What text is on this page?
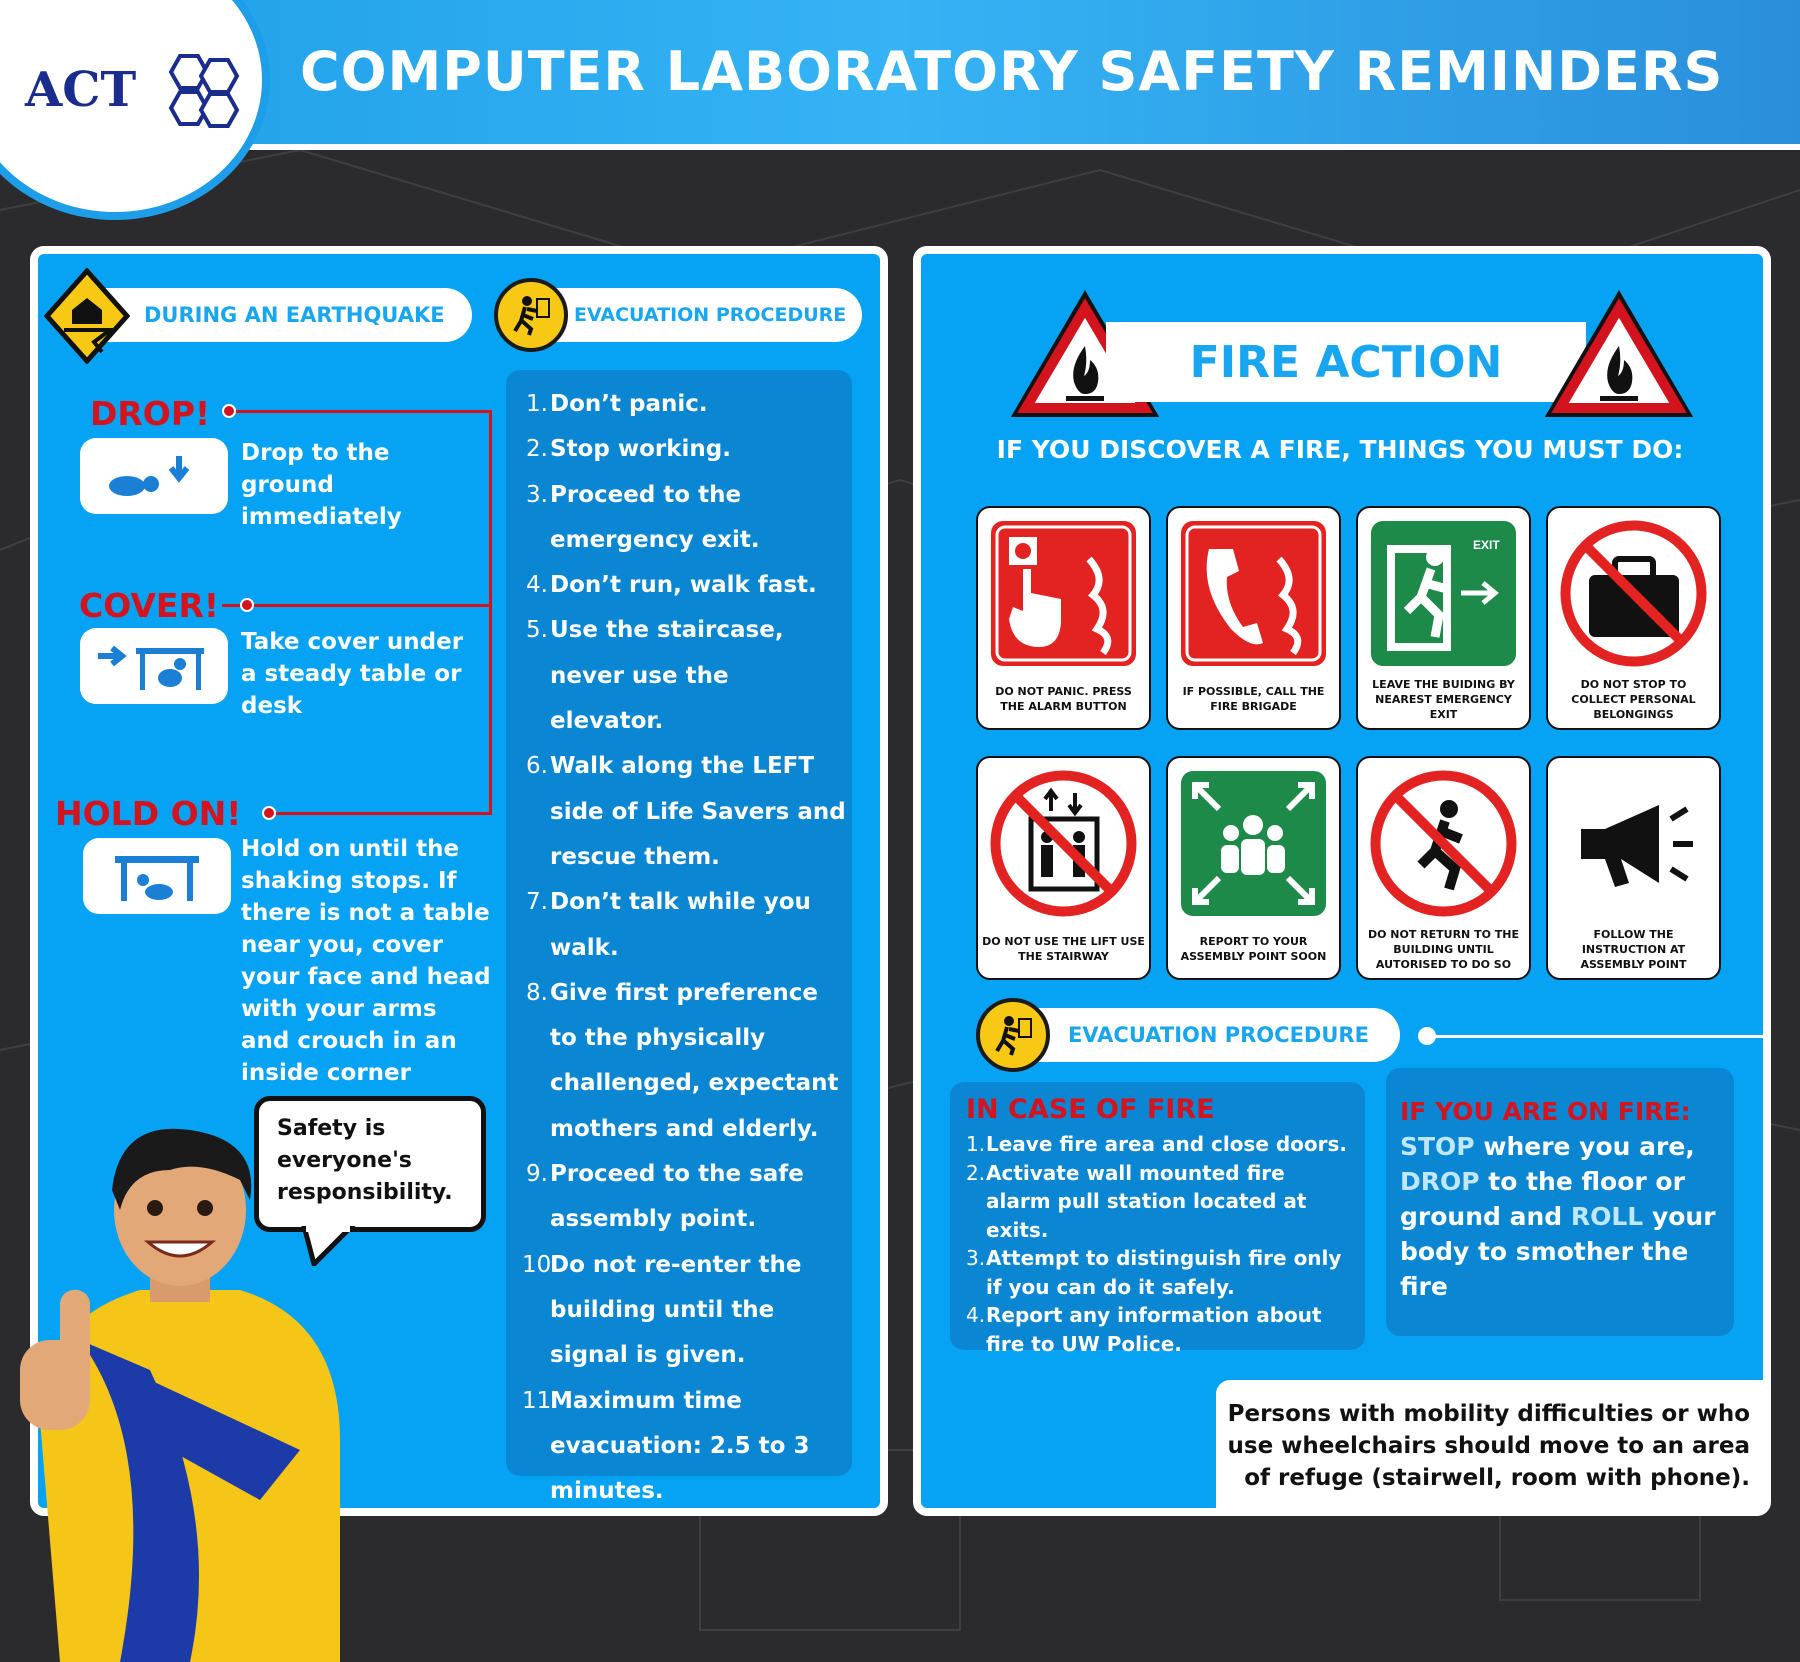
ACT	COMPUTER LABORATORY SAFETY REMINDERS
DURING AN EARTHQUAKE	EVACUATION PROCEDURE
DROP!
Drop to the ground immediately
COVER!
Take cover under a steady table or desk
HOLD ON!
Hold on until the shaking stops. If there is not a table near you, cover your face and head with your arms and crouch in an inside corner
1. Don’t panic.
2. Stop working.
3. Proceed to the emergency exit.
4. Don’t run, walk fast.
5. Use the staircase, never use the elevator.
6. Walk along the LEFT side of Life Savers and rescue them.
7. Don’t talk while you walk.
8. Give first preference to the physically challenged, expectant mothers and elderly.
9. Proceed to the safe assembly point.
10.
Do not re-enter the building until the signal is given.
11.
Maximum time evacuation: 2.5 to 3 minutes.
Safety is everyone's responsibility.
FIRE ACTION
IF YOU DISCOVER A FIRE, THINGS YOU MUST DO:
DO NOT PANIC. PRESS THE ALARM BUTTON
IF POSSIBLE, CALL THE FIRE BRIGADE
EXIT
LEAVE THE BUIDING BY NEAREST EMERGENCY EXIT
DO NOT STOP TO COLLECT PERSONAL BELONGINGS
DO NOT USE THE LIFT USE THE STAIRWAY
REPORT TO YOUR ASSEMBLY POINT SOON
DO NOT RETURN TO THE BUILDING UNTIL AUTORISED TO DO SO
FOLLOW THE INSTRUCTION AT ASSEMBLY POINT
EVACUATION PROCEDURE
IN CASE OF FIRE
1. Leave fire area and close doors.
2. Activate wall mounted fire alarm pull station located at exits.
3. Attempt to distinguish fire only if you can do it safely.
4. Report any information about fire to UW Police.
IF YOU ARE ON FIRE:
STOP where you are,
DROP to the floor or ground and ROLL your body to smother the fire
Persons with mobility difficulties or who use wheelchairs should move to an area of refuge (stairwell, room with phone).
